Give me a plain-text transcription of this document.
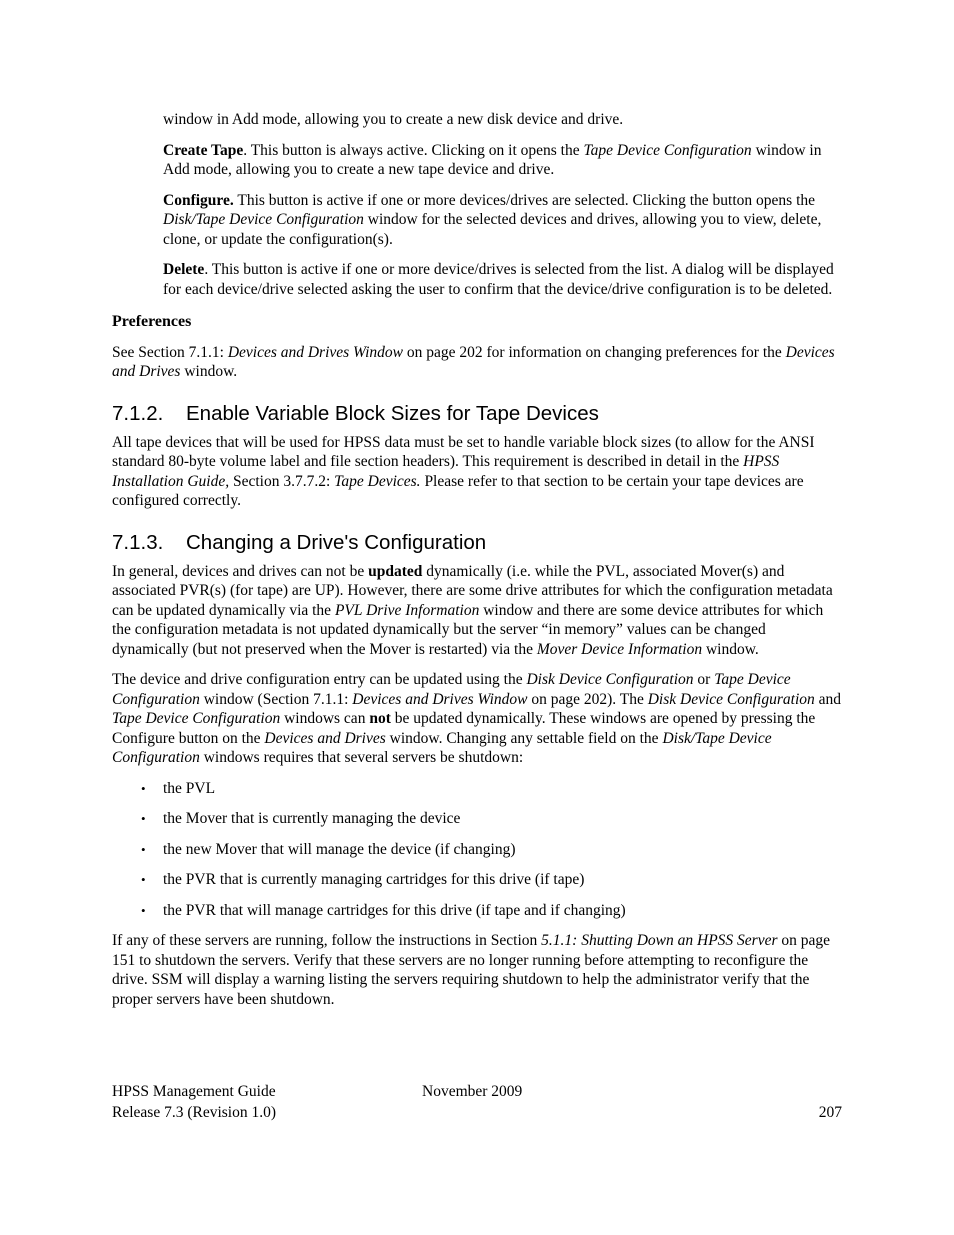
window in Add mode, allowing you to create a new disk device and drive.

Create Tape. This button is always active. Clicking on it opens the Tape Device Configuration window in Add mode, allowing you to create a new tape device and drive.

Configure. This button is active if one or more devices/drives are selected. Clicking the button opens the Disk/Tape Device Configuration window for the selected devices and drives, allowing you to view, delete, clone, or update the configuration(s).

Delete. This button is active if one or more device/drives is selected from the list. A dialog will be displayed for each device/drive selected asking the user to confirm that the device/drive configuration is to be deleted.

Preferences

See Section 7.1.1: Devices and Drives Window on page 202 for information on changing preferences for the Devices and Drives window.

7.1.2. Enable Variable Block Sizes for Tape Devices

All tape devices that will be used for HPSS data must be set to handle variable block sizes (to allow for the ANSI standard 80-byte volume label and file section headers). This requirement is described in detail in the HPSS Installation Guide, Section 3.7.7.2: Tape Devices. Please refer to that section to be certain your tape devices are configured correctly.

7.1.3. Changing a Drive's Configuration

In general, devices and drives can not be updated dynamically (i.e. while the PVL, associated Mover(s) and associated PVR(s) (for tape) are UP). However, there are some drive attributes for which the configuration metadata can be updated dynamically via the PVL Drive Information window and there are some device attributes for which the configuration metadata is not updated dynamically but the server “in memory” values can be changed dynamically (but not preserved when the Mover is restarted) via the Mover Device Information window.

The device and drive configuration entry can be updated using the Disk Device Configuration or Tape Device Configuration window (Section 7.1.1: Devices and Drives Window on page 202). The Disk Device Configuration and Tape Device Configuration windows can not be updated dynamically. These windows are opened by pressing the Configure button on the Devices and Drives window. Changing any settable field on the Disk/Tape Device Configuration windows requires that several servers be shutdown:

• the PVL
• the Mover that is currently managing the device
• the new Mover that will manage the device (if changing)
• the PVR that is currently managing cartridges for this drive (if tape)
• the PVR that will manage cartridges for this drive (if tape and if changing)

If any of these servers are running, follow the instructions in Section 5.1.1: Shutting Down an HPSS Server on page 151 to shutdown the servers. Verify that these servers are no longer running before attempting to reconfigure the drive. SSM will display a warning listing the servers requiring shutdown to help the administrator verify that the proper servers have been shutdown.

HPSS Management Guide	November 2009
Release 7.3 (Revision 1.0)	207
